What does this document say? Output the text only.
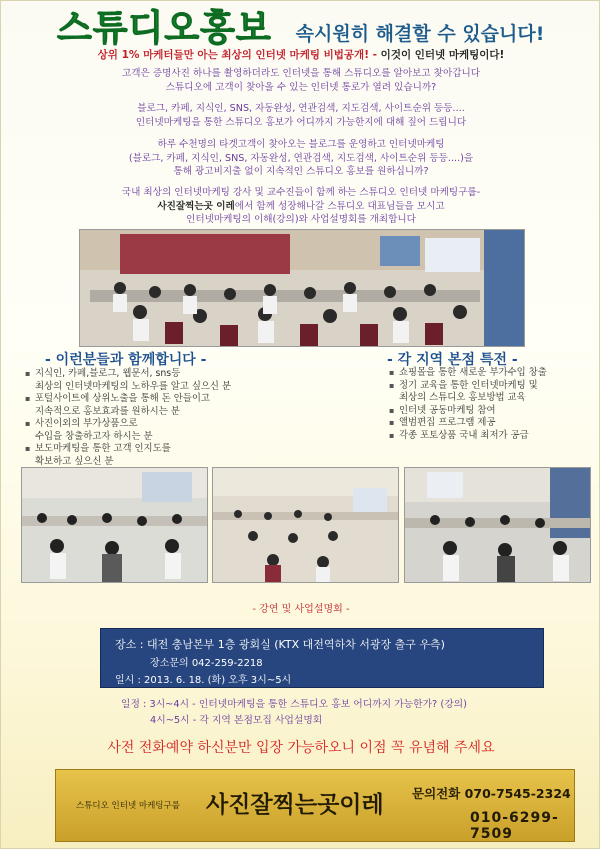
스튜디오홍보 속시원히 해결할 수 있습니다!
상위 1% 마케터들만 아는 최상의 인터넷 마케팅 비법공개! - 이것이 인터넷 마케팅이다!
고객은 증명사진 하나를 촬영하더라도 인터넷을 통해 스튜디오를 알아보고 찾아갑니다
스튜디오에 고객이 찾아올 수 있는 인터넷 통로가 열려 있습니까?
블로그, 카페, 지식인, SNS, 자동완성, 연관검색, 지도검색, 사이트순위 등등....
인터넷마케팅을 통한 스튜디오 홍보가 어디까지 가능한지에 대해 짚어 드립니다
하루 수천명의 타겟고객이 찾아오는 블로그를 운영하고 인터넷마케팅
(블로그, 카페, 지식인, SNS, 자동완성, 연관검색, 지도검색, 사이트순위 등등....)을
통해 광고비지출 없이 지속적인 스튜디오 홍보를 원하십니까?
국내 최상의 인터넷마케팅 강사 및 교수진들이 함께 하는 스튜디오 인터넷 마케팅구룹-
사진잘찍는곳 이레에서 함께 성장해나갈 스튜디오 대표님들을 모시고
인터넷마케팅의 이해(강의)와 사업설명회를 개최합니다
- 이런분들과 함께합니다 -	- 각 지역 본점 특전 -
▪ 지식인, 카페,블로그, 웹문서, sns등
최상의 인터넷마케팅의 노하우를 알고 싶으신 분
▪ 포털사이트에 상위노출을 통해 돈 안들이고
지속적으로 홍보효과를 원하시는 분
▪ 사진이외의 부가상품으로
수입을 창출하고자 하시는 분
▪ 보도마케팅을 통한 고객 인지도를
확보하고 싶으신 분
▪ 쇼핑몰을 통한 새로운 부가수입 창출
▪ 정기 교육을 통한 인터넷마케팅 및
최상의 스튜디오 홍보방법 교육
▪ 인터넷 공동마케팅 참여
▪ 앨범편집 프로그램 제공
▪ 각종 포토상품 국내 최저가 공급
- 강연 및 사업설명회 -
장소 : 대전 충남본부 1층 광회실 (KTX 대전역하차 서광장 출구 우측)
장소문의 042-259-2218
일시 : 2013. 6. 18. (화) 오후 3시~5시
일정 : 3시~4시 - 인터넷마케팅을 통한 스튜디오 홍보 어디까지 가능한가? (강의)
4시~5시 - 각 지역 본점모집 사업설명회
사전 전화예약 하신분만 입장 가능하오니 이점 꼭 유념해 주세요
스튜디오 인터넷 마케팅구룹 사진잘찍는곳이레 문의전화 070-7545-2324
010-6299-7509
